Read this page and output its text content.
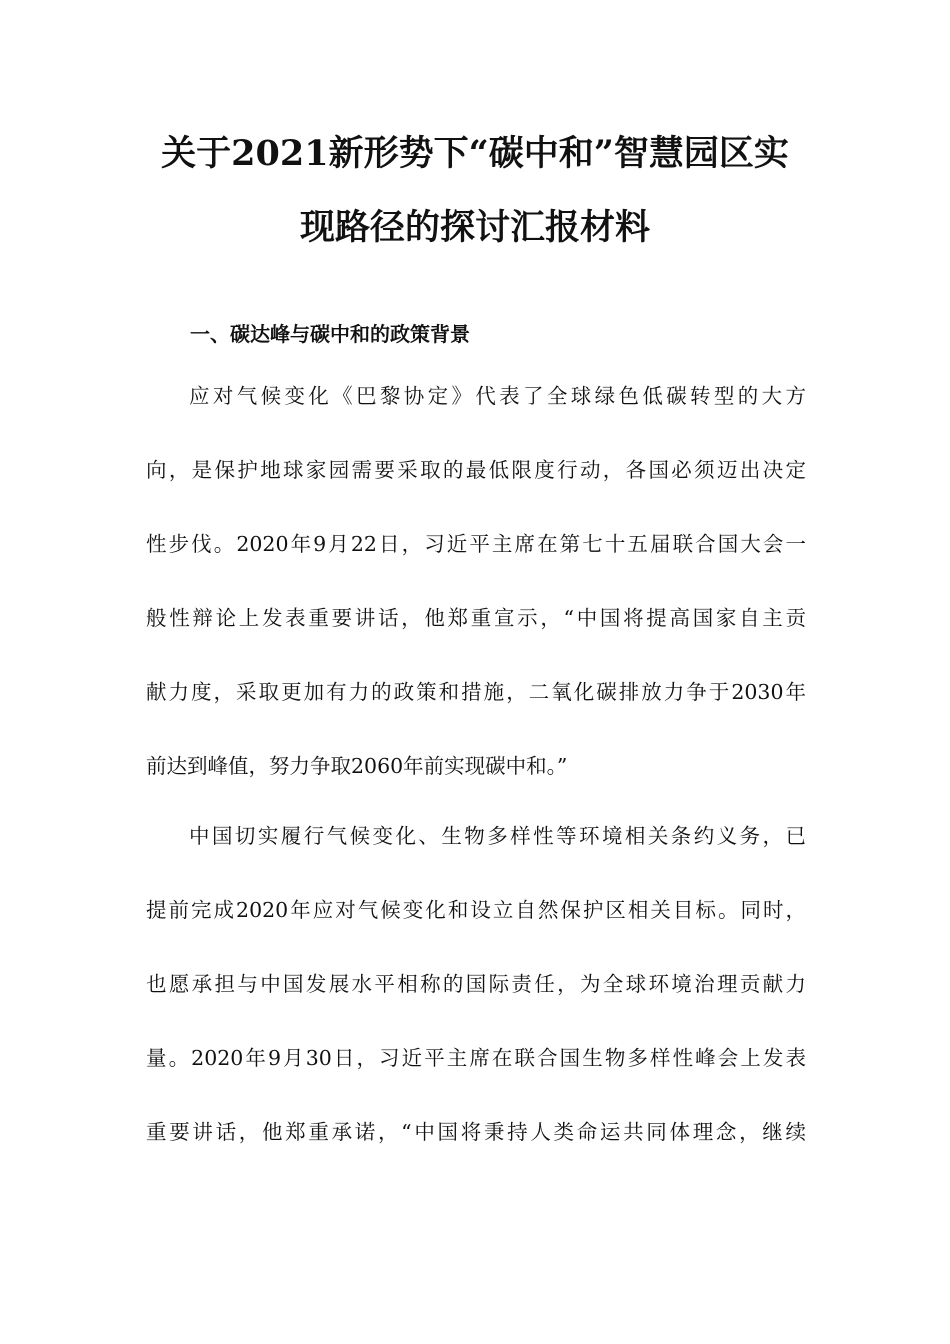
关于2021新形势下“碳中和”智慧园区实
现路径的探讨汇报材料
一、碳达峰与碳中和的政策背景
应对气候变化《巴黎协定》代表了全球绿色低碳转型的大方
向，是保护地球家园需要采取的最低限度行动，各国必须迈出决定
性步伐。2020年9月22日，习近平主席在第七十五届联合国大会一
般性辩论上发表重要讲话，他郑重宣示，“中国将提高国家自主贡
献力度，采取更加有力的政策和措施，二氧化碳排放力争于2030年
前达到峰值，努力争取2060年前实现碳中和。”
中国切实履行气候变化、生物多样性等环境相关条约义务，已
提前完成2020年应对气候变化和设立自然保护区相关目标。同时，
也愿承担与中国发展水平相称的国际责任，为全球环境治理贡献力
量。2020年9月30日，习近平主席在联合国生物多样性峰会上发表
重要讲话，他郑重承诺，“中国将秉持人类命运共同体理念，继续
